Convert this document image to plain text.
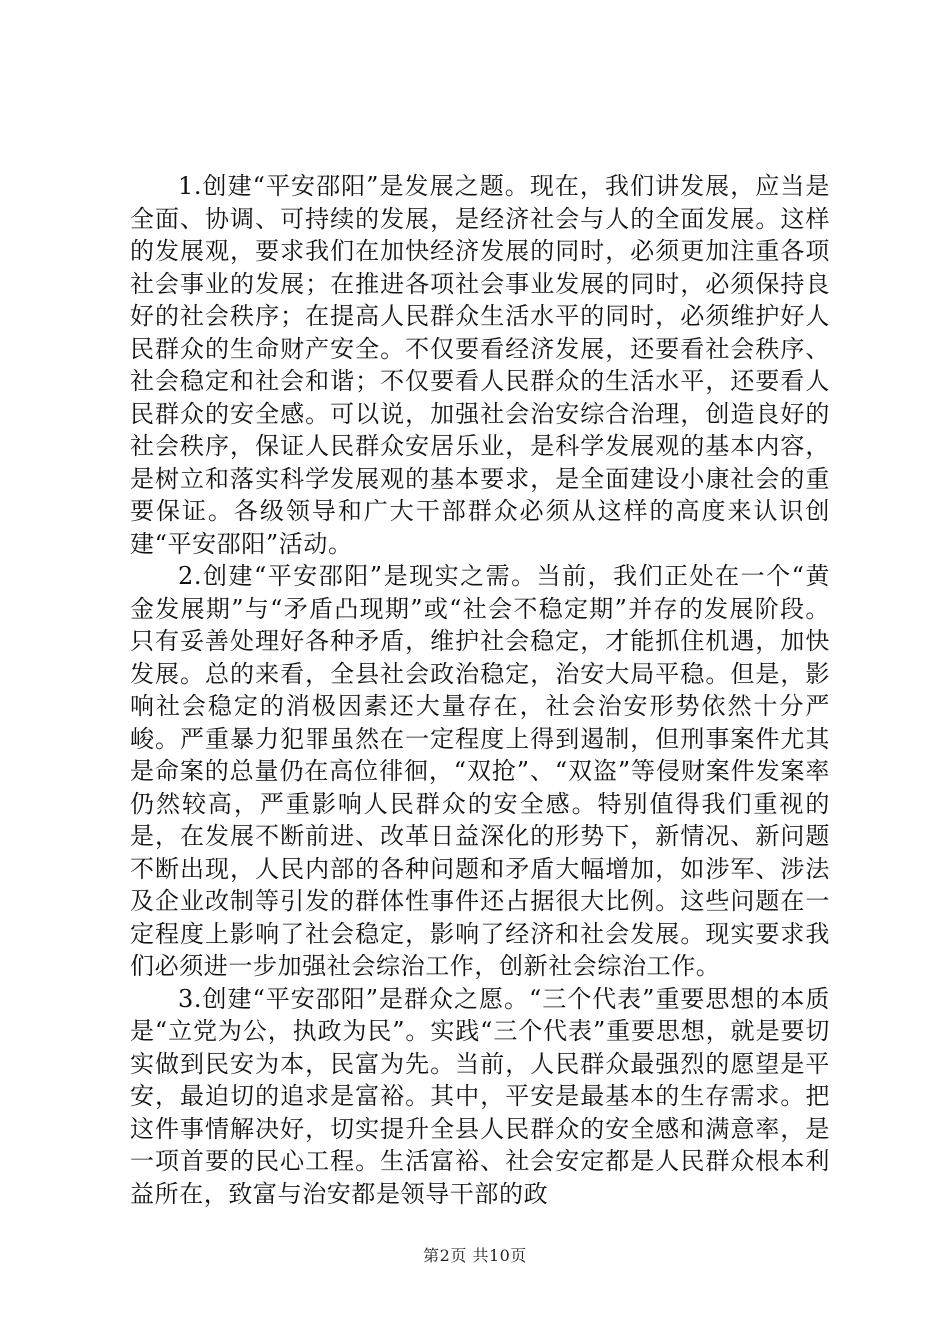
1.创建“平安邵阳”是发展之题。现在，我们讲发展，应当是全面、协调、可持续的发展，是经济社会与人的全面发展。这样的发展观，要求我们在加快经济发展的同时，必须更加注重各项社会事业的发展；在推进各项社会事业发展的同时，必须保持良好的社会秩序；在提高人民群众生活水平的同时，必须维护好人民群众的生命财产安全。不仅要看经济发展，还要看社会秩序、社会稳定和社会和谐；不仅要看人民群众的生活水平，还要看人民群众的安全感。可以说，加强社会治安综合治理，创造良好的社会秩序，保证人民群众安居乐业，是科学发展观的基本内容，是树立和落实科学发展观的基本要求，是全面建设小康社会的重要保证。各级领导和广大干部群众必须从这样的高度来认识创建“平安邵阳”活动。

2.创建“平安邵阳”是现实之需。当前，我们正处在一个“黄金发展期”与“矛盾凸现期”或“社会不稳定期”并存的发展阶段。只有妥善处理好各种矛盾，维护社会稳定，才能抓住机遇，加快发展。总的来看，全县社会政治稳定，治安大局平稳。但是，影响社会稳定的消极因素还大量存在，社会治安形势依然十分严峻。严重暴力犯罪虽然在一定程度上得到遏制，但刑事案件尤其是命案的总量仍在高位徘徊，“双抢”、“双盗”等侵财案件发案率仍然较高，严重影响人民群众的安全感。特别值得我们重视的是，在发展不断前进、改革日益深化的形势下，新情况、新问题不断出现，人民内部的各种问题和矛盾大幅增加，如涉军、涉法及企业改制等引发的群体性事件还占据很大比例。这些问题在一定程度上影响了社会稳定，影响了经济和社会发展。现实要求我们必须进一步加强社会综治工作，创新社会综治工作。

3.创建“平安邵阳”是群众之愿。“三个代表”重要思想的本质是“立党为公，执政为民”。实践“三个代表”重要思想，就是要切实做到民安为本，民富为先。当前，人民群众最强烈的愿望是平安，最迫切的追求是富裕。其中，平安是最基本的生存需求。把这件事情解决好，切实提升全县人民群众的安全感和满意率，是一项首要的民心工程。生活富裕、社会安定都是人民群众根本利益所在，致富与治安都是领导干部的政

第2页 共10页
